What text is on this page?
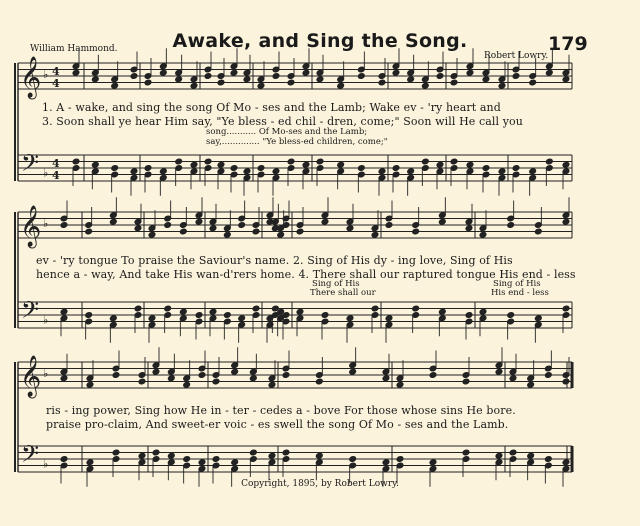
Awake, and Sing the Song.	179
William Hammond.
Robert Lowry.
𝄞
𝄢
♭
♭
4
4
4
4
𝄞
𝄢
♭
♭
𝄞
𝄢
♭
♭
1. A - wake, and sing the song Of Mo - ses and the Lamb; Wake ev - 'ry heart and
3. Soon shall ye hear Him say, "Ye bless - ed chil - dren, come;" Soon will He call you
song........... Of Mo-ses and the Lamb;
say,.............. "Ye bless-ed children, come;"
ev - 'ry tongue To praise the Saviour's name. 2. Sing of His dy - ing love, Sing of His
hence a - way, And take His wan-d'rers home. 4. There shall our raptured tongue His end - less
Sing of His
There shall our
Sing of His
His end - less
ris - ing power, Sing how He in - ter - cedes a - bove For those whose sins He bore.
praise pro-claim, And sweet-er voic - es swell the song Of Mo - ses and the Lamb.
Copyright, 1895, by Robert Lowry.
